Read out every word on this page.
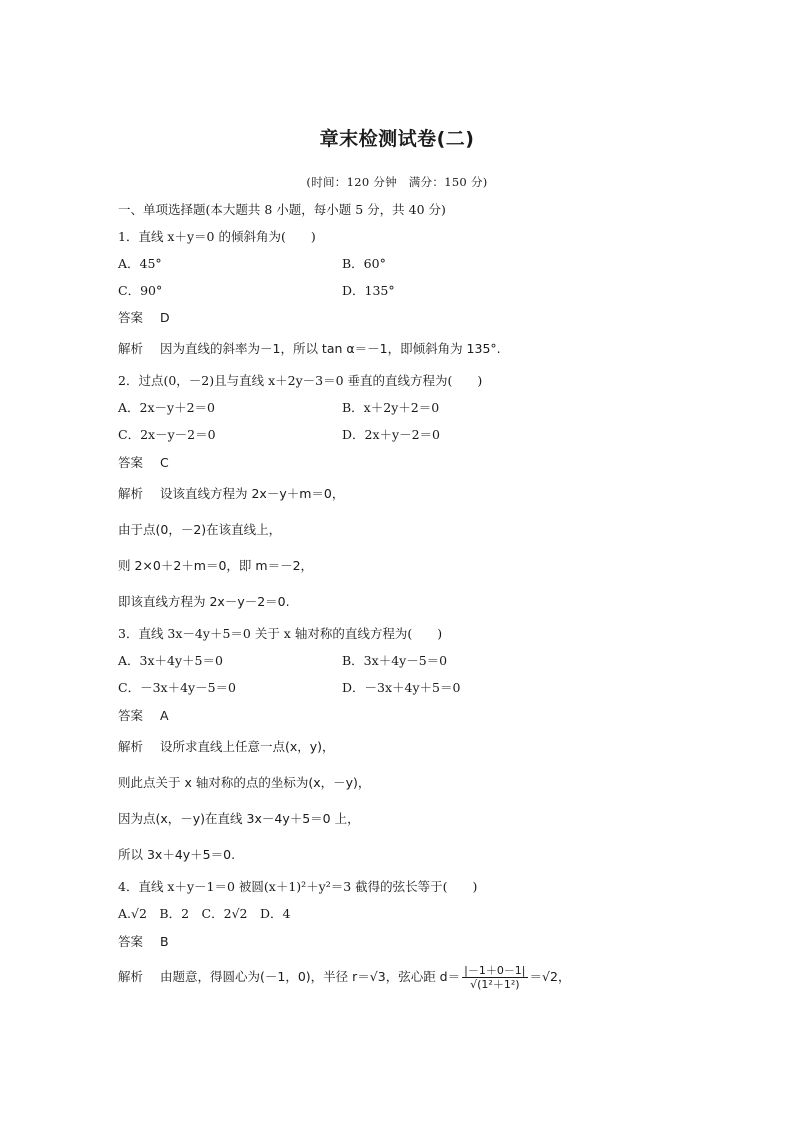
章末检测试卷(二)
(时间：120 分钟　满分：150 分)
一、单项选择题(本大题共 8 小题，每小题 5 分，共 40 分)
1．直线 x＋y＝0 的倾斜角为(　　)
A．45°	B．60°
C．90°	D．135°
答案 D
解析 因为直线的斜率为－1，所以 tan α＝－1，即倾斜角为 135°.
2．过点(0，－2)且与直线 x＋2y－3＝0 垂直的直线方程为(　　)
A．2x－y＋2＝0	B．x＋2y＋2＝0
C．2x－y－2＝0	D．2x＋y－2＝0
答案 C
解析 设该直线方程为 2x－y＋m＝0，
由于点(0，－2)在该直线上，
则 2×0＋2＋m＝0，即 m＝－2，
即该直线方程为 2x－y－2＝0.
3．直线 3x－4y＋5＝0 关于 x 轴对称的直线方程为(　　)
A．3x＋4y＋5＝0	B．3x＋4y－5＝0
C．－3x＋4y－5＝0	D．－3x＋4y＋5＝0
答案 A
解析 设所求直线上任意一点(x，y)，
则此点关于 x 轴对称的点的坐标为(x，－y)，
因为点(x，－y)在直线 3x－4y＋5＝0 上，
所以 3x＋4y＋5＝0.
4．直线 x＋y－1＝0 被圆(x＋1)²＋y²＝3 截得的弦长等于(　　)
A.√2　B．2　C．2√2　D．4
答案 B
解析 由题意，得圆心为(－1，0)，半径 r＝√3，弦心距 $d= \frac{|-1+0-1|}{\text{√(1²＋1²)}} =√2$，
